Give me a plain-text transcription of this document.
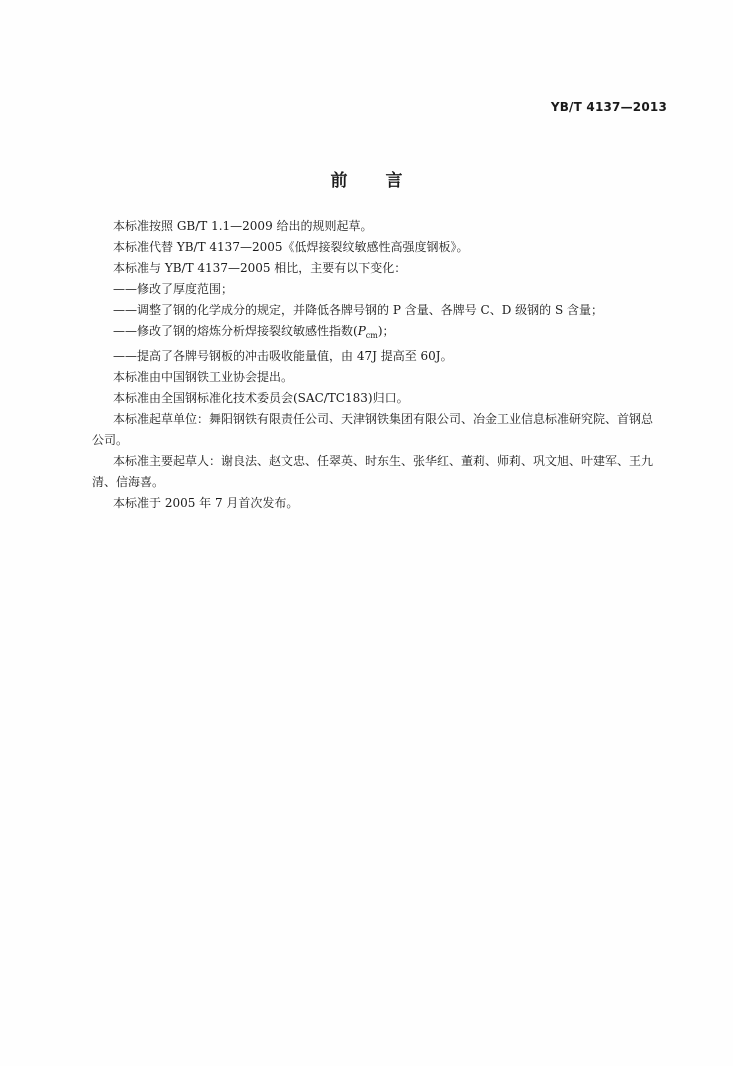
YB/T 4137—2013
前言

本标准按照 GB/T 1.1—2009 给出的规则起草。

本标准代替 YB/T 4137—2005《低焊接裂纹敏感性高强度钢板》。

本标准与 YB/T 4137—2005 相比，主要有以下变化：

——修改了厚度范围；

——调整了钢的化学成分的规定，并降低各牌号钢的 P 含量、各牌号 C、D 级钢的 S 含量；

——修改了钢的熔炼分析焊接裂纹敏感性指数$(P_{cm})$；

——提高了各牌号钢板的冲击吸收能量值，由 47J 提高至 60J。

本标准由中国钢铁工业协会提出。

本标准由全国钢标准化技术委员会(SAC/TC183)归口。

本标准起草单位：舞阳钢铁有限责任公司、天津钢铁集团有限公司、冶金工业信息标准研究院、首钢总公司。

本标准主要起草人：谢良法、赵文忠、任翠英、时东生、张华红、董莉、师莉、巩文旭、叶建军、王九清、信海喜。

本标准于 2005 年 7 月首次发布。
